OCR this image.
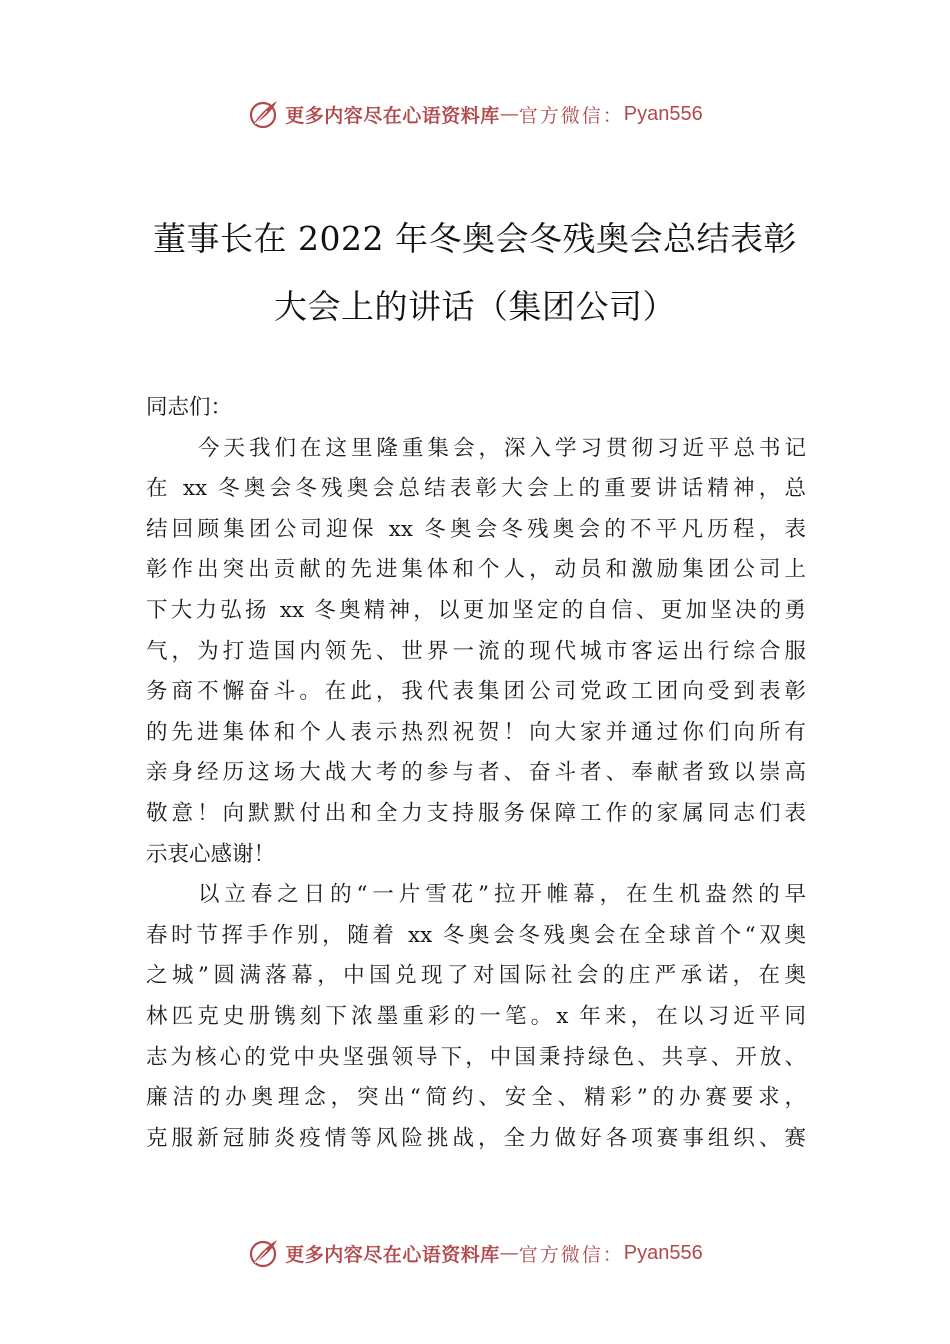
更多内容尽在心语资料库 — 官方微信： Pyan556
董事长在 2022 年冬奥会冬残奥会总结表彰
大会上的讲话（集团公司）
同志们：
今天我们在这里隆重集会，深入学习贯彻习近平总书记
在 xx 冬奥会冬残奥会总结表彰大会上的重要讲话精神，总
结回顾集团公司迎保 xx 冬奥会冬残奥会的不平凡历程，表
彰作出突出贡献的先进集体和个人，动员和激励集团公司上
下大力弘扬 xx 冬奥精神，以更加坚定的自信、更加坚决的勇
气，为打造国内领先、世界一流的现代城市客运出行综合服
务商不懈奋斗。在此，我代表集团公司党政工团向受到表彰
的先进集体和个人表示热烈祝贺！向大家并通过你们向所有
亲身经历这场大战大考的参与者、奋斗者、奉献者致以崇高
敬意！向默默付出和全力支持服务保障工作的家属同志们表
示衷心感谢！
以立春之日的“一片雪花”拉开帷幕，在生机盎然的早
春时节挥手作别，随着 xx 冬奥会冬残奥会在全球首个“双奥
之城”圆满落幕，中国兑现了对国际社会的庄严承诺，在奥
林匹克史册镌刻下浓墨重彩的一笔。x 年来，在以习近平同
志为核心的党中央坚强领导下，中国秉持绿色、共享、开放、
廉洁的办奥理念，突出“简约、安全、精彩”的办赛要求，
克服新冠肺炎疫情等风险挑战，全力做好各项赛事组织、赛
更多内容尽在心语资料库 — 官方微信： Pyan556
